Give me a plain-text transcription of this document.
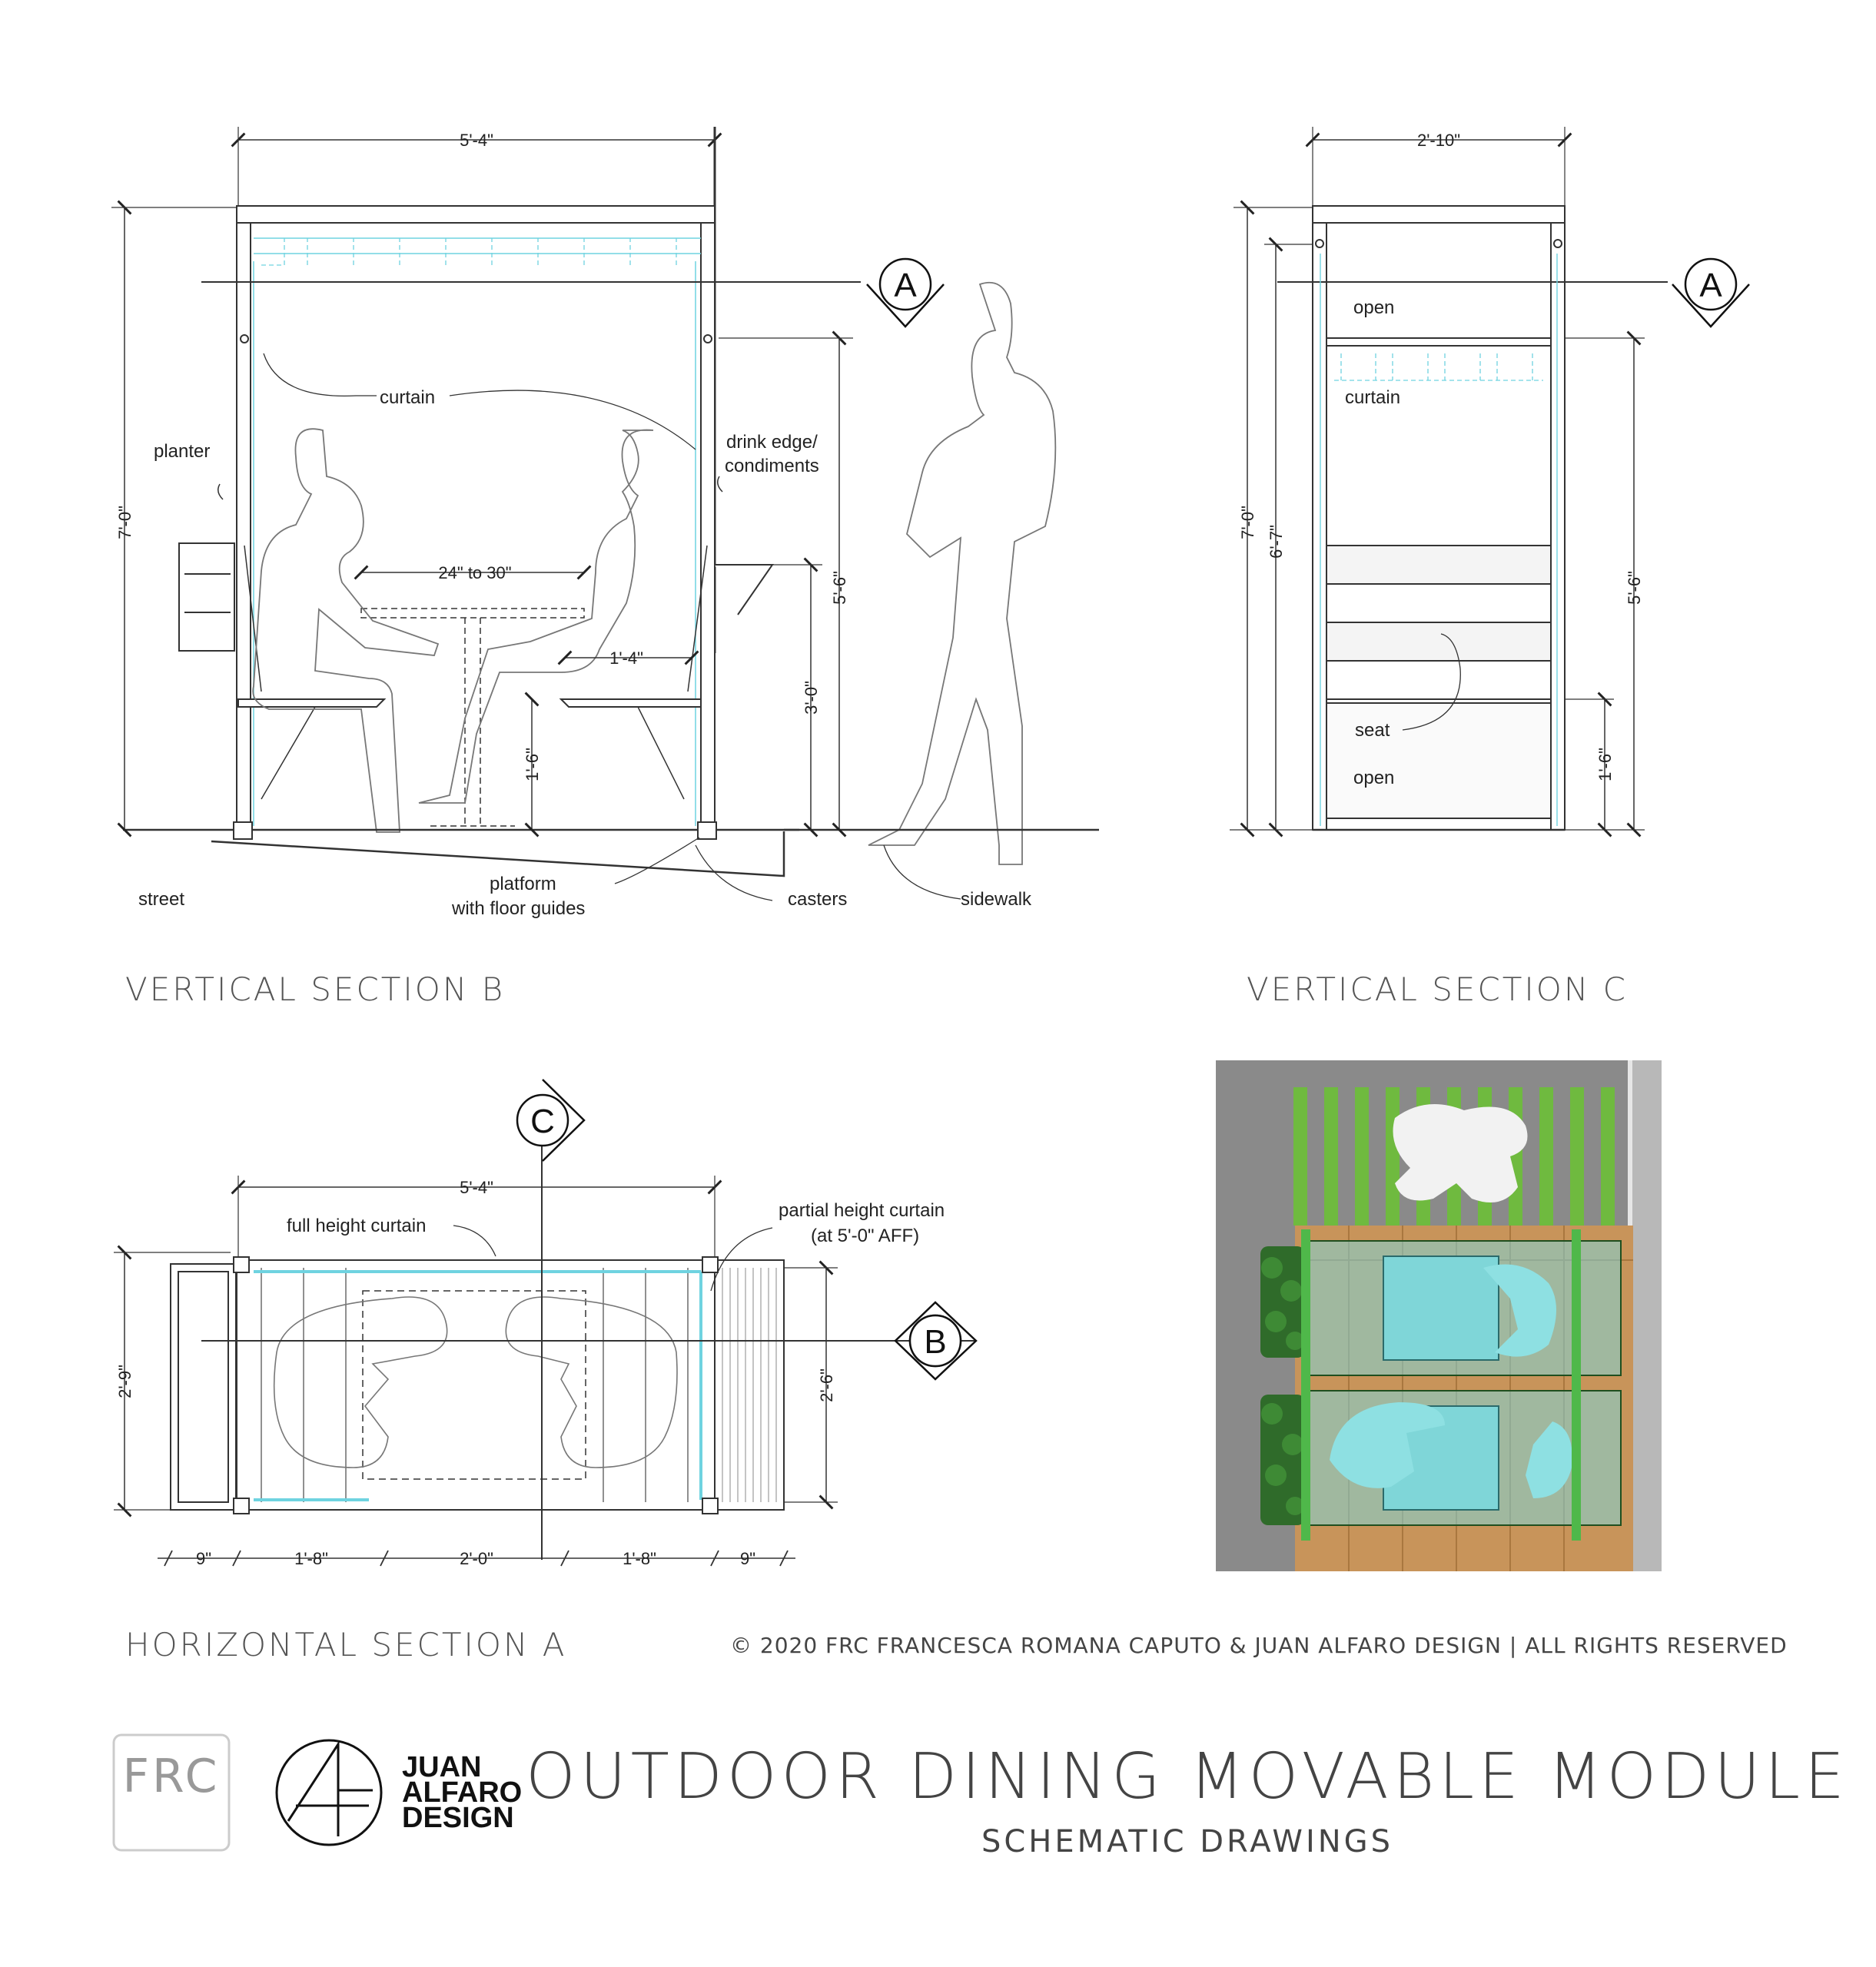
A
curtain
planter	drink edge/
condiments
street
platform
with floor guides	casters	sidewalk
5'-4"
7'-0"
24" to 30"
1'-4"
5'-6"
3'-0"
1'-6"
VERTICAL SECTION B
A
open
curtain
seat
open
2'-10"
7'-0"
6'-7"
5'-6"
1'-6"
VERTICAL SECTION C
C
B
full height curtain
partial height curtain
(at 5'-0" AFF)
5'-4"
2'-9"	2'-6"
9"	1'-8"	2'-0"	1'-8"	9"
HORIZONTAL SECTION A	© 2020 FRC FRANCESCA ROMANA CAPUTO & JUAN ALFARO DESIGN | ALL RIGHTS RESERVED
FRC	JUAN
ALFARO
DESIGN
OUTDOOR DINING MOVABLE MODULE
SCHEMATIC DRAWINGS
